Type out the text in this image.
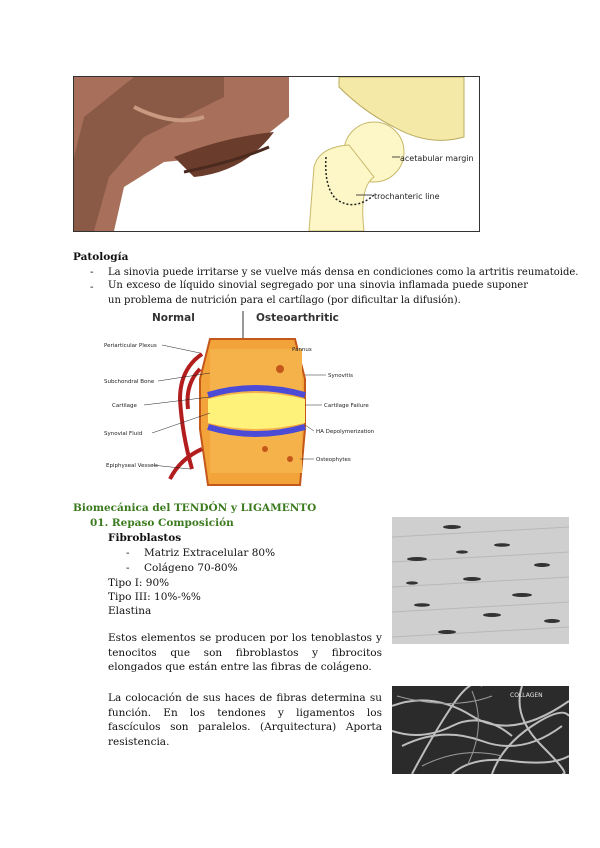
acetabular margin
trochanteric line
Patología
- La sinovia puede irritarse y se vuelve más densa en condiciones como la artritis reumatoide.
- Un exceso de líquido sinovial segregado por una sinovia inflamada puede suponer un problema de nutrición para el cartílago (por dificultar la difusión).
Normal	Osteoarthritic
Periarticular Plexus
Subchondral Bone
Cartilage
Synovial Fluid
Epiphyseal Vessels
Pannus
Synovitis
Cartilage Failure
HA Depolymerization
Osteophytes
Biomecánica del TENDÓN y LIGAMENTO
01. Repaso Composición
Fibroblastos
- Matriz Extracelular 80%
- Colágeno 70-80%
Tipo I: 90%
Tipo III: 10%-%%
Elastina
Estos elementos se producen por los tenoblastos y tenocitos que son fibroblastos y fibrocitos elongados que están entre las fibras de colágeno.
La colocación de sus haces de fibras determina su función. En los tendones y ligamentos los fascículos son paralelos. (Arquitectura) Aporta resistencia.
COLLAGEN
